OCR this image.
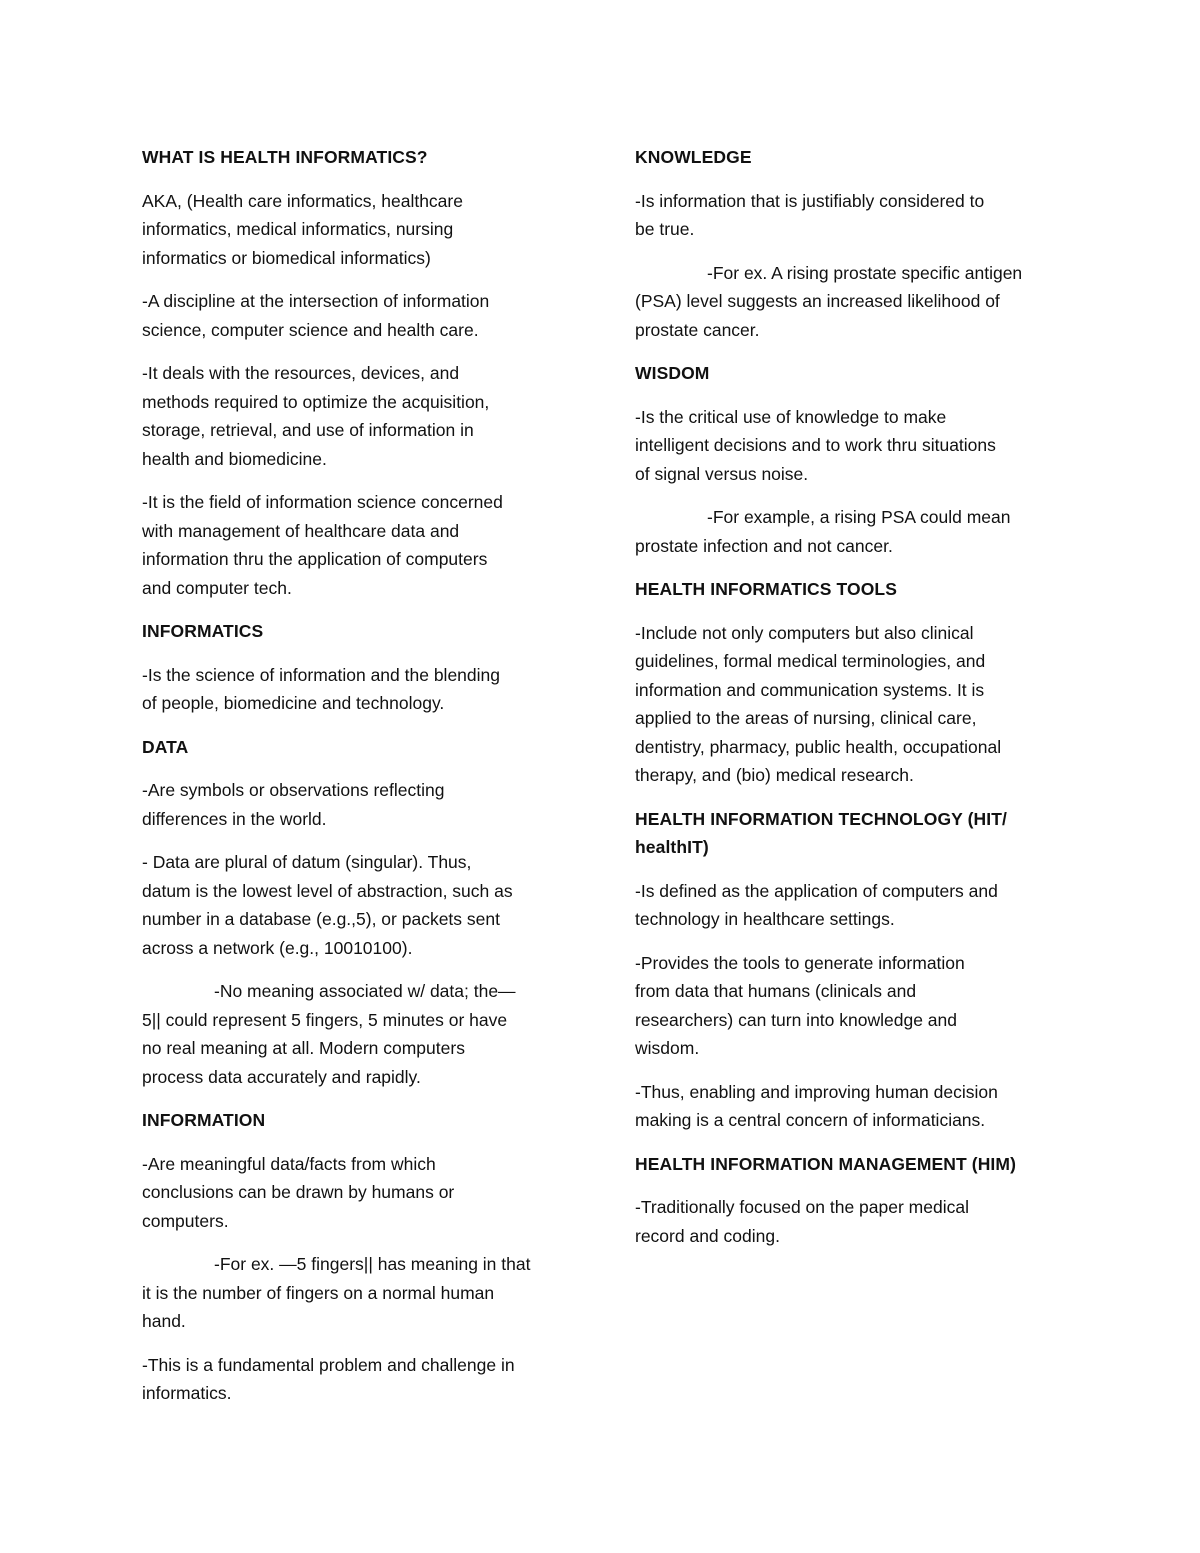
WHAT IS HEALTH INFORMATICS?
AKA, (Health care informatics, healthcare
informatics, medical informatics, nursing
informatics or biomedical informatics)
-A discipline at the intersection of information
science, computer science and health care.
-It deals with the resources, devices, and
methods required to optimize the acquisition,
storage, retrieval, and use of information in
health and biomedicine.
-It is the field of information science concerned
with management of healthcare data and
information thru the application of computers
and computer tech.
INFORMATICS
-Is the science of information and the blending
of people, biomedicine and technology.
DATA
-Are symbols or observations reflecting
differences in the world.
- Data are plural of datum (singular). Thus,
datum is the lowest level of abstraction, such as
number in a database (e.g.,5), or packets sent
across a network (e.g., 10010100).
-No meaning associated w/ data; the—
5|| could represent 5 fingers, 5 minutes or have
no real meaning at all. Modern computers
process data accurately and rapidly.
INFORMATION
-Are meaningful data/facts from which
conclusions can be drawn by humans or
computers.
-For ex. ―5 fingers|| has meaning in that
it is the number of fingers on a normal human
hand.
-This is a fundamental problem and challenge in
informatics.
KNOWLEDGE
-Is information that is justifiably considered to
be true.
-For ex. A rising prostate specific antigen
(PSA) level suggests an increased likelihood of
prostate cancer.
WISDOM
-Is the critical use of knowledge to make
intelligent decisions and to work thru situations
of signal versus noise.
-For example, a rising PSA could mean
prostate infection and not cancer.
HEALTH INFORMATICS TOOLS
-Include not only computers but also clinical
guidelines, formal medical terminologies, and
information and communication systems. It is
applied to the areas of nursing, clinical care,
dentistry, pharmacy, public health, occupational
therapy, and (bio) medical research.
HEALTH INFORMATION TECHNOLOGY (HIT/
healthIT)
-Is defined as the application of computers and
technology in healthcare settings.
-Provides the tools to generate information
from data that humans (clinicals and
researchers) can turn into knowledge and
wisdom.
-Thus, enabling and improving human decision
making is a central concern of informaticians.
HEALTH INFORMATION MANAGEMENT (HIM)
-Traditionally focused on the paper medical
record and coding.
